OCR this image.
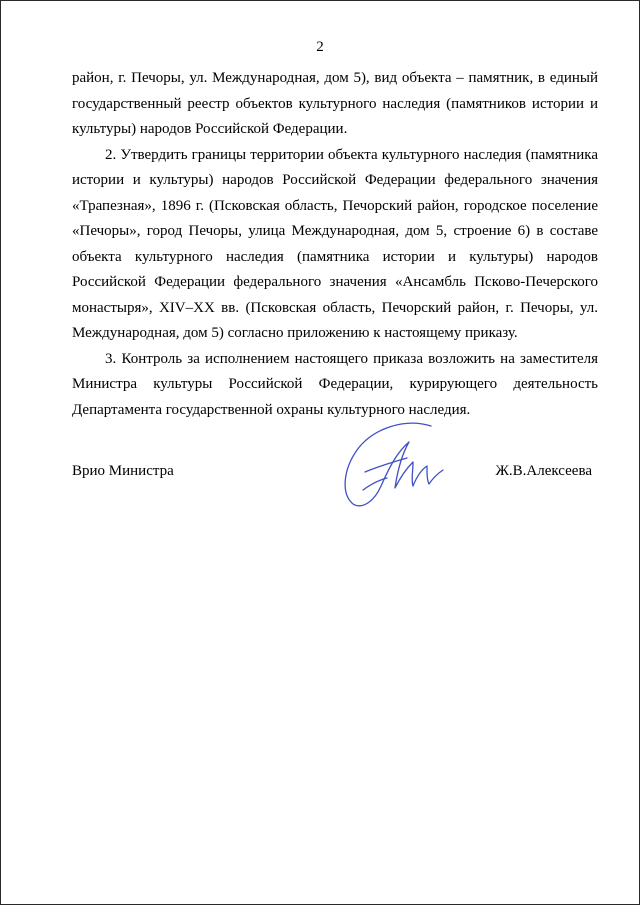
2

район, г. Печоры, ул. Международная, дом 5), вид объекта – памятник, в единый государственный реестр объектов культурного наследия (памятников истории и культуры) народов Российской Федерации.

2. Утвердить границы территории объекта культурного наследия (памятника истории и культуры) народов Российской Федерации федерального значения «Трапезная», 1896 г. (Псковская область, Печорский район, городское поселение «Печоры», город Печоры, улица Международная, дом 5, строение 6) в составе объекта культурного наследия (памятника истории и культуры) народов Российской Федерации федерального значения «Ансамбль Псково-Печерского монастыря», XIV–XX вв. (Псковская область, Печорский район, г. Печоры, ул. Международная, дом 5) согласно приложению к настоящему приказу.

3. Контроль за исполнением настоящего приказа возложить на заместителя Министра культуры Российской Федерации, курирующего деятельность Департамента государственной охраны культурного наследия.

Врио Министра	Ж.В.Алексеева
